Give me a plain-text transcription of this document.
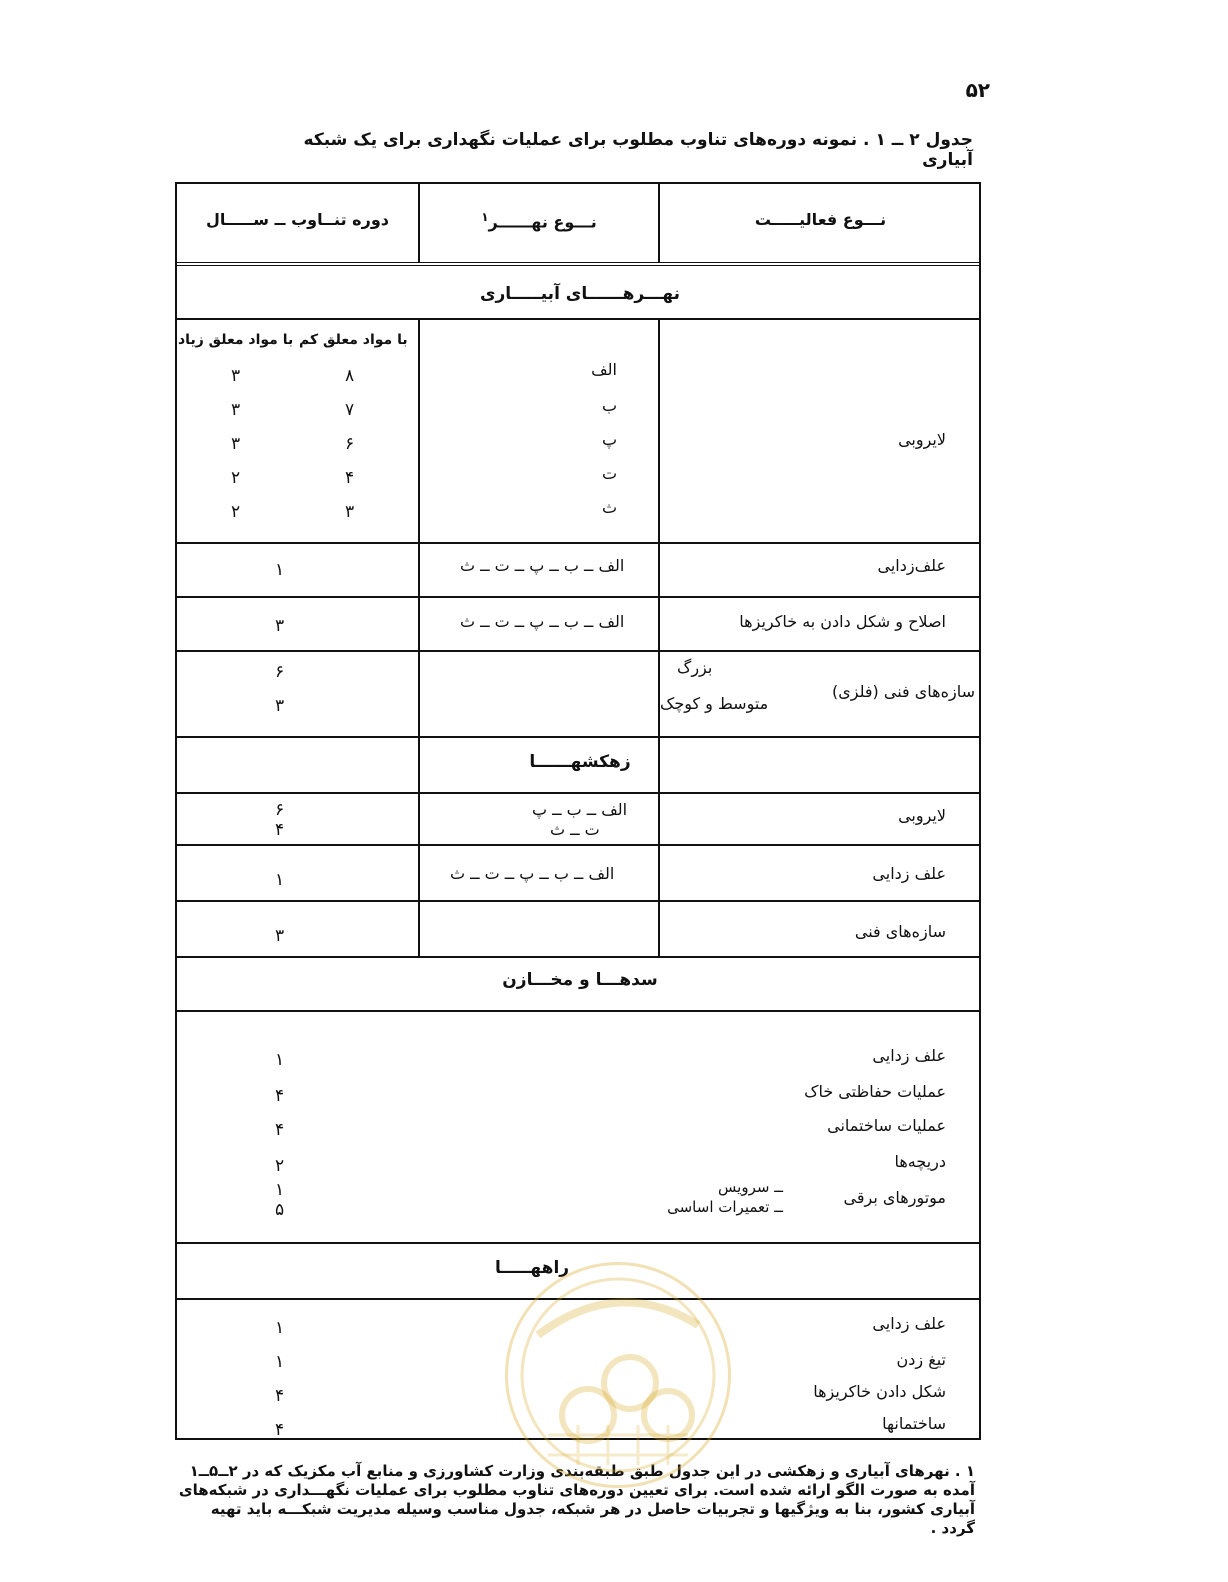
۵۲
جدول ۲ ــ ۱ . نمونه دوره‌های تناوب مطلوب برای عملیات نگهداری برای یک شبکه آبیاری
نـــوع فعالیـــــت
نـــوع نهــــــر$^۱$
دوره تنــاوب ــ ســـــال
نهـــرهــــــای آبیـــــاری
با مواد معلق کم
با مواد معلق زیاد
لایروبی
الف
۸
۳
ب
۷
۳
پ
۶
۳
ت
۴
۲
ث
۳
۲
علف‌زدایی
الف ــ ب ــ پ ــ ت ــ ث
۱
اصلاح و شکل دادن به خاکریزها
الف ــ ب ــ پ ــ ت ــ ث
۳
سازه‌های فنی (فلزی)
بزرگ
متوسط و کوچک
۶
۳
زهکشهــــــا
لایروبی
الف ــ ب ــ پ
ت ــ ث
۶
۴
علف زدایی
الف ــ ب ــ پ ــ ت ــ ث
۱
سازه‌های فنی
۳
سدهـــا و مخـــازن
علف زدایی
۱
عملیات حفاظتی خاک
۴
عملیات ساختمانی
۴
دریچه‌ها
۲
موتورهای برقی
ــ سرویس
ــ تعمیرات اساسی
۱
۵
راههـــــا
علف زدایی
۱
تیغ زدن
۱
شکل دادن خاکریزها
۴
ساختمانها
۴
۱ . نهرهای آبیاری و زهکشی در این جدول طبق طبقه‌بندی وزارت کشاورزی و منابع آب مکزیک که در ۲ــ۵ــ۱ آمده به صورت الگو ارائه شده است. برای تعیین دوره‌های تناوب مطلوب برای عملیات نگهـــداری در شبکه‌های آبیاری کشور، بنا به ویژگیها و تجربیات حاصل در هر شبکه، جدول مناسب وسیله مدیریت شبکـــه باید تهیه گردد .
